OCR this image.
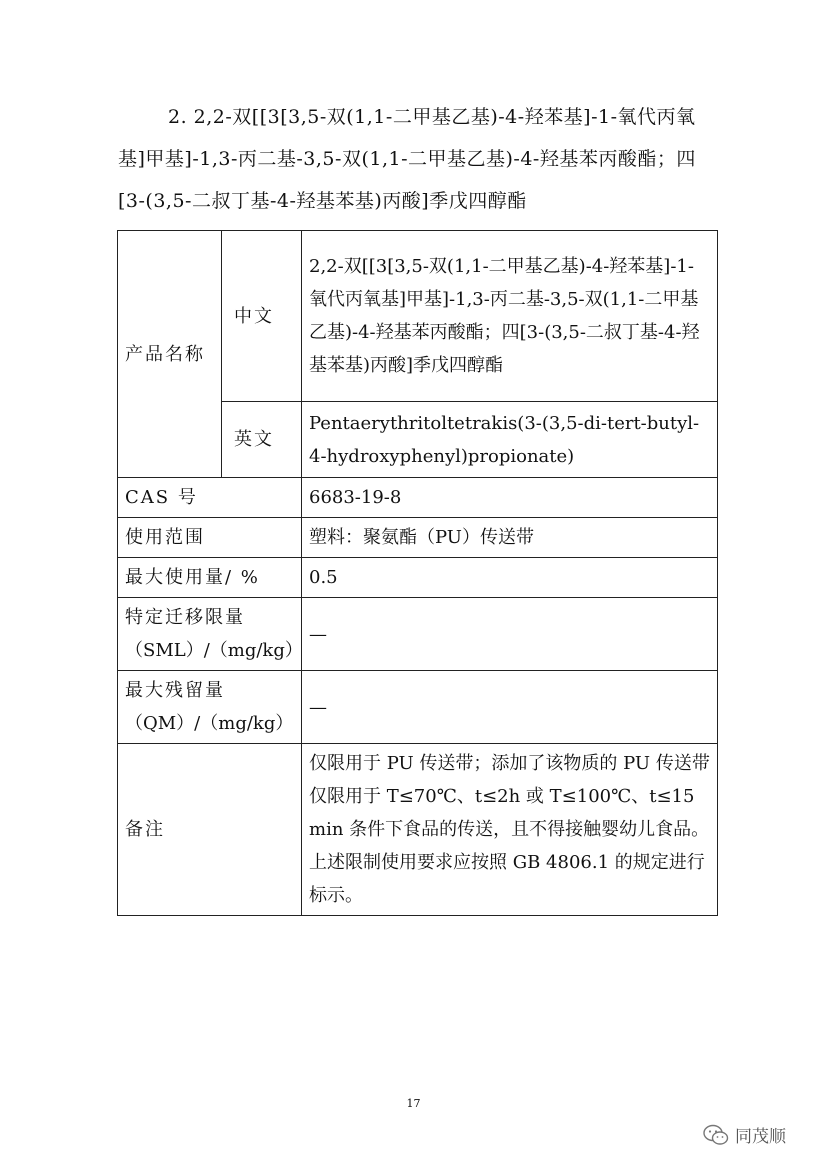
2. 2,2-双[[3[3,5-双(1,1-二甲基乙基)-4-羟苯基]-1-氧代丙氧基]甲基]-1,3-丙二基-3,5-双(1,1-二甲基乙基)-4-羟基苯丙酸酯；四[3-(3,5-二叔丁基-4-羟基苯基)丙酸]季戊四醇酯
产品名称	中文	2,2-双[[3[3,5-双(1,1-二甲基乙基)-4-羟苯基]-1-氧代丙氧基]甲基]-1,3-丙二基-3,5-双(1,1-二甲基乙基)-4-羟基苯丙酸酯；四[3-(3,5-二叔丁基-4-羟基苯基)丙酸]季戊四醇酯
	英文	Pentaerythritoltetrakis(3-(3,5-di-tert-butyl-4-hydroxyphenyl)propionate)
CAS 号		6683-19-8
使用范围		塑料：聚氨酯（PU）传送带
最大使用量/ %		0.5

特定迁移限量
（SML）/（mg/kg）		—

最大残留量
（QM）/（mg/kg）		—
备注		仅限用于 PU 传送带；添加了该物质的 PU 传送带仅限用于 T≤70℃、t≤2h 或 T≤100℃、t≤15 min 条件下食品的传送，且不得接触婴幼儿食品。上述限制使用要求应按照 GB 4806.1 的规定进行标示。
17
同茂顺
